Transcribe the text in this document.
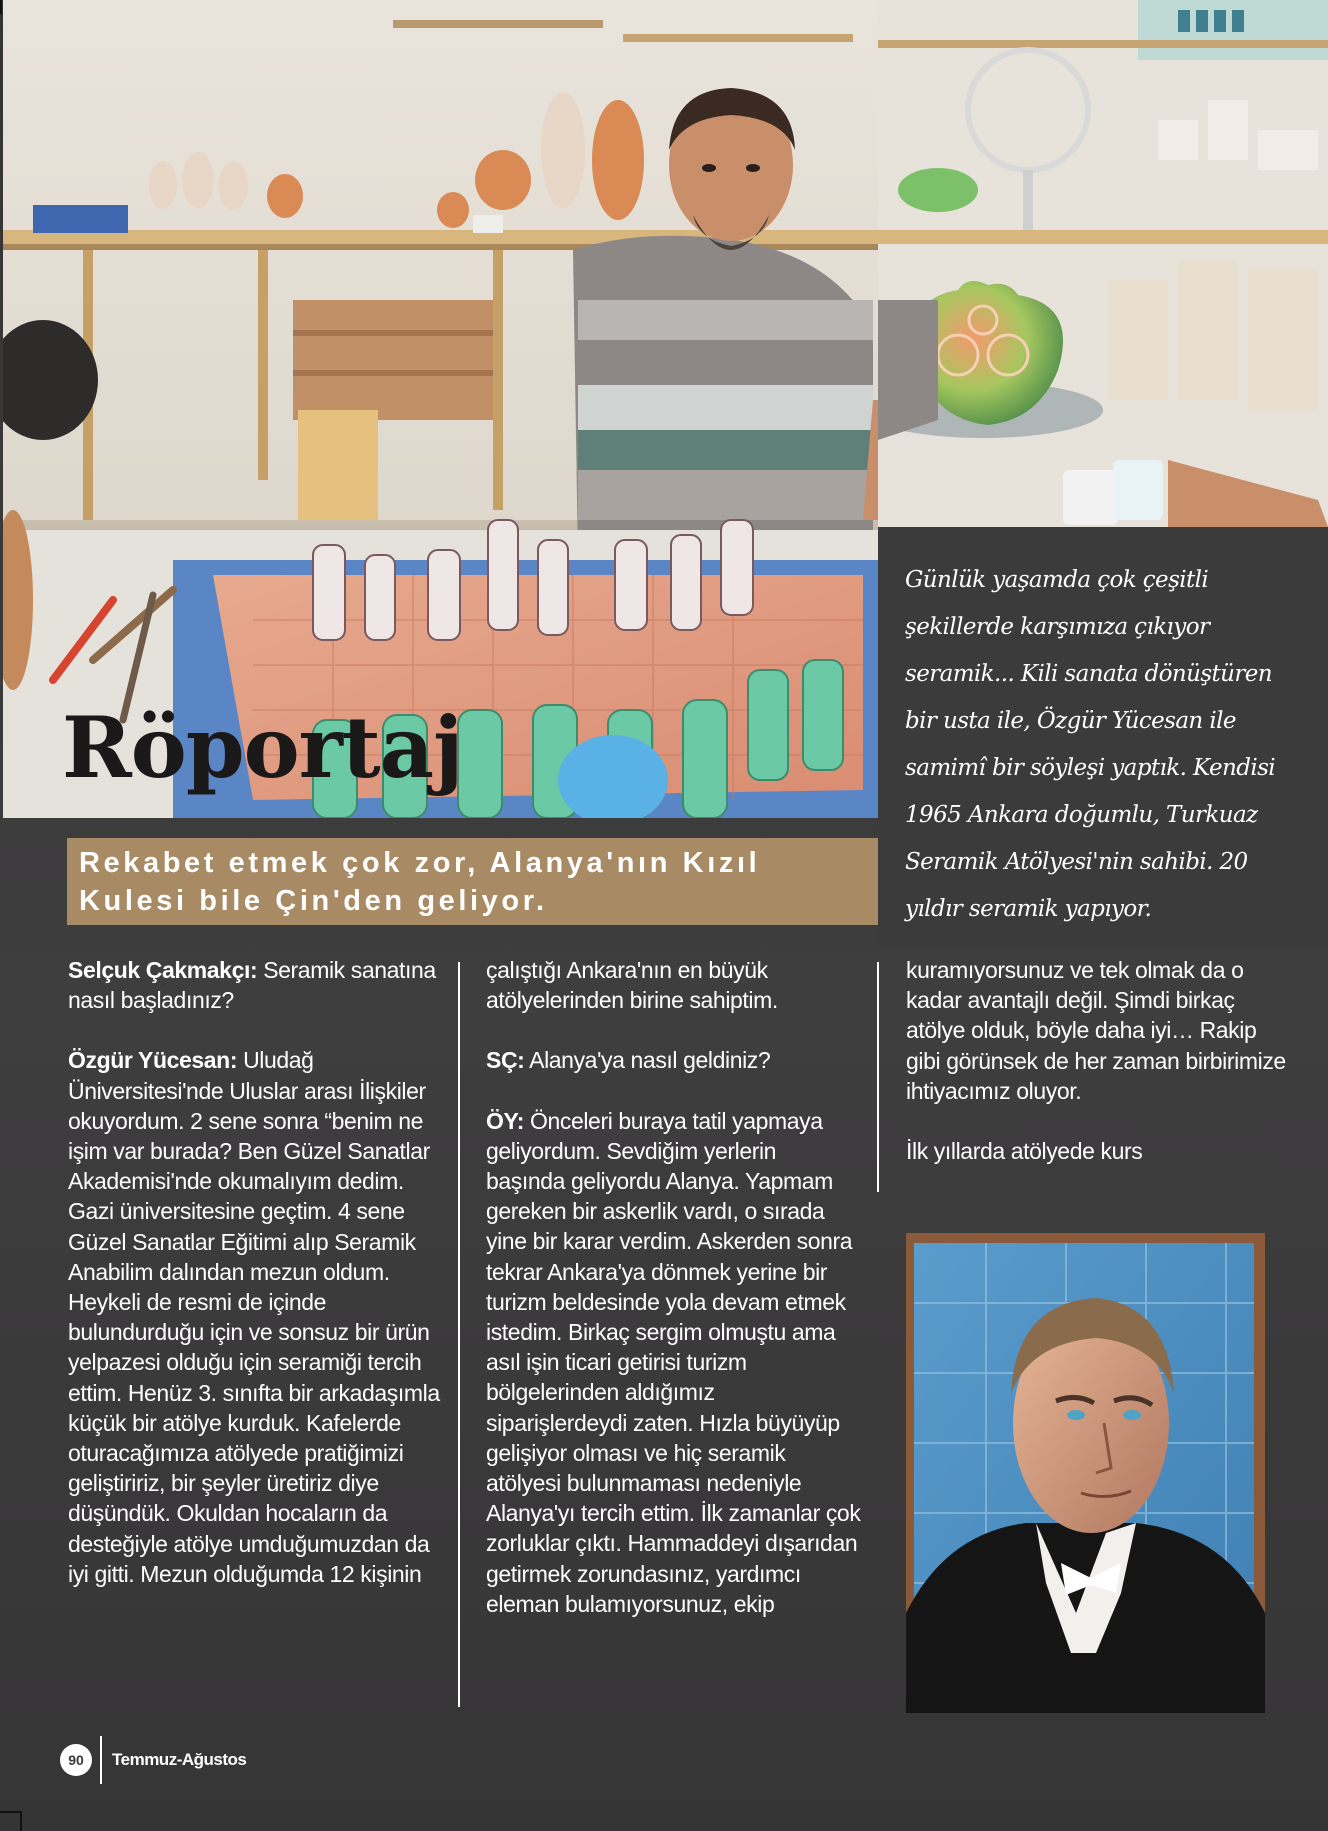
Röportaj

Günlük yaşamda çok çeşitli şekillerde karşımıza çıkıyor seramik... Kili sanata dönüştüren bir usta ile, Özgür Yücesan ile samimî bir söyleşi yaptık. Kendisi 1965 Ankara doğumlu, Turkuaz Seramik Atölyesi'nin sahibi. 20 yıldır seramik yapıyor.

Rekabet etmek çok zor, Alanya'nın Kızıl
Kulesi bile Çin'den geliyor.

Selçuk Çakmakçı: Seramik sanatına nasıl başladınız?

Özgür Yücesan: Uludağ Üniversitesi'nde Uluslar arası İlişkiler okuyordum. 2 sene sonra “benim ne işim var burada? Ben Güzel Sanatlar Akademisi'nde okumalıyım dedim. Gazi üniversitesine geçtim. 4 sene Güzel Sanatlar Eğitimi alıp Seramik Anabilim dalından mezun oldum. Heykeli de resmi de içinde bulundurduğu için ve sonsuz bir ürün yelpazesi olduğu için seramiği tercih ettim. Henüz 3. sınıfta bir arkadaşımla küçük bir atölye kurduk. Kafelerde oturacağımıza atölyede pratiğimizi geliştiririz, bir şeyler üretiriz diye düşündük. Okuldan hocaların da desteğiyle atölye umduğumuzdan da iyi gitti. Mezun olduğumda 12 kişinin

çalıştığı Ankara'nın en büyük atölyelerinden birine sahiptim.

SÇ: Alanya'ya nasıl geldiniz?

ÖY: Önceleri buraya tatil yapmaya geliyordum. Sevdiğim yerlerin başında geliyordu Alanya. Yapmam gereken bir askerlik vardı, o sırada yine bir karar verdim. Askerden sonra tekrar Ankara'ya dönmek yerine bir turizm beldesinde yola devam etmek istedim. Birkaç sergim olmuştu ama asıl işin ticari getirisi turizm bölgelerinden aldığımız siparişlerdeydi zaten. Hızla büyüyüp gelişiyor olması ve hiç seramik atölyesi bulunmaması nedeniyle Alanya'yı tercih ettim. İlk zamanlar çok zorluklar çıktı. Hammaddeyi dışarıdan getirmek zorundasınız, yardımcı eleman bulamıyorsunuz, ekip

kuramıyorsunuz ve tek olmak da o kadar avantajlı değil. Şimdi birkaç atölye olduk, böyle daha iyi… Rakip gibi görünsek de her zaman birbirimize ihtiyacımız oluyor.

İlk yıllarda atölyede kurs

90	Temmuz-Ağustos
